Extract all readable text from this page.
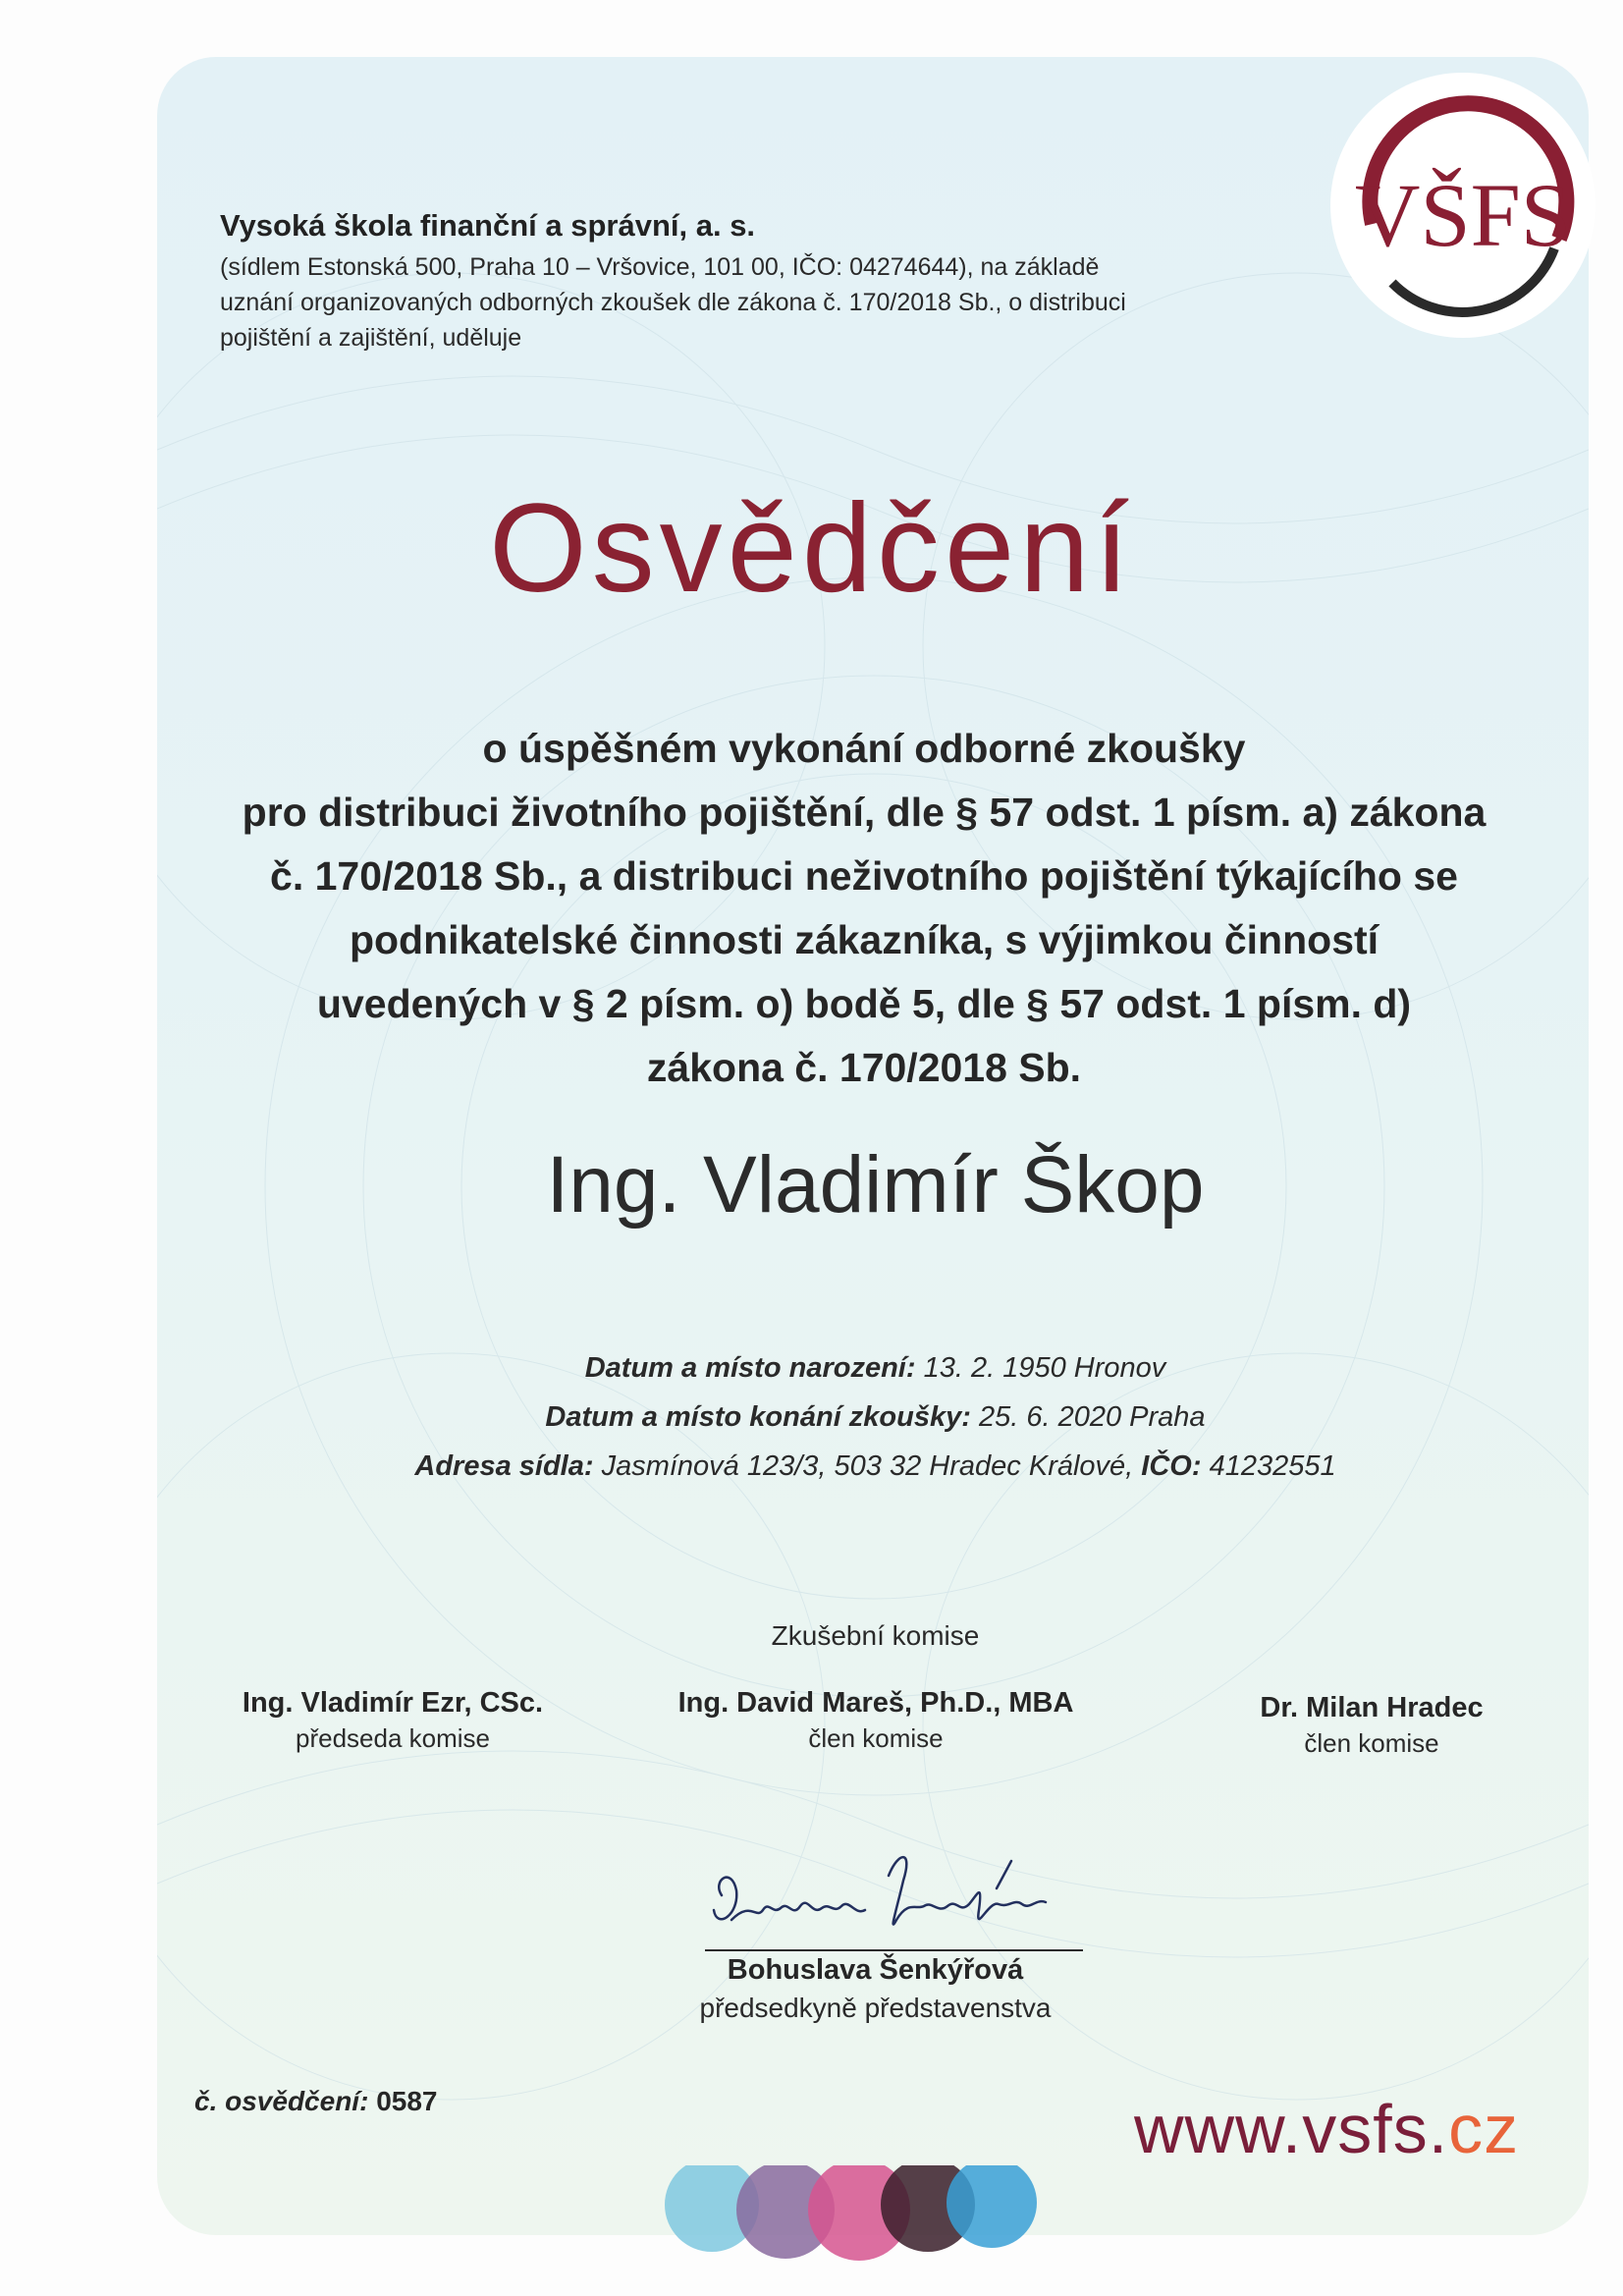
VŠFS
Vysoká škola finanční a správní, a. s.
(sídlem Estonská 500, Praha 10 – Vršovice, 101 00, IČO: 04274644), na základě
uznání organizovaných odborných zkoušek dle zákona č. 170/2018 Sb., o distribuci
pojištění a zajištění, uděluje
Osvědčení
o úspěšném vykonání odborné zkoušky
pro distribuci životního pojištění, dle § 57 odst. 1 písm. a) zákona
č. 170/2018 Sb., a distribuci neživotního pojištění týkajícího se
podnikatelské činnosti zákazníka, s výjimkou činností
uvedených v § 2 písm. o) bodě 5, dle § 57 odst. 1 písm. d)
zákona č. 170/2018 Sb.
Ing. Vladimír Škop
Datum a místo narození: 13. 2. 1950 Hronov
Datum a místo konání zkoušky: 25. 6. 2020 Praha
Adresa sídla: Jasmínová 123/3, 503 32 Hradec Králové, IČO: 41232551
Zkušební komise
Ing. Vladimír Ezr, CSc.
předseda komise
Ing. David Mareš, Ph.D., MBA
člen komise
Dr. Milan Hradec
člen komise
Bohuslava Šenkýřová
předsedkyně představenstva
č. osvědčení: 0587	www.vsfs.cz
